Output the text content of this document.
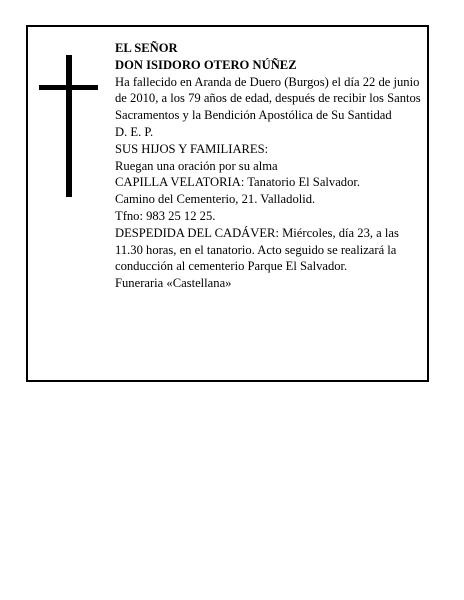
EL SEÑOR

DON ISIDORO OTERO NÚÑEZ

Ha fallecido en Aranda de Duero (Burgos) el día 22 de junio de 2010, a los 79 años de edad, después de recibir los Santos Sacramentos y la Bendición Apostólica de Su Santidad

D. E. P.

SUS HIJOS Y FAMILIARES:

Ruegan una oración por su alma

CAPILLA VELATORIA: Tanatorio El Salvador.

Camino del Cementerio, 21. Valladolid.

Tfno: 983 25 12 25.

DESPEDIDA DEL CADÁVER: Miércoles, día 23, a las 11.30 horas, en el tanatorio. Acto seguido se realizará la conducción al cementerio Parque El Salvador.

Funeraria «Castellana»
